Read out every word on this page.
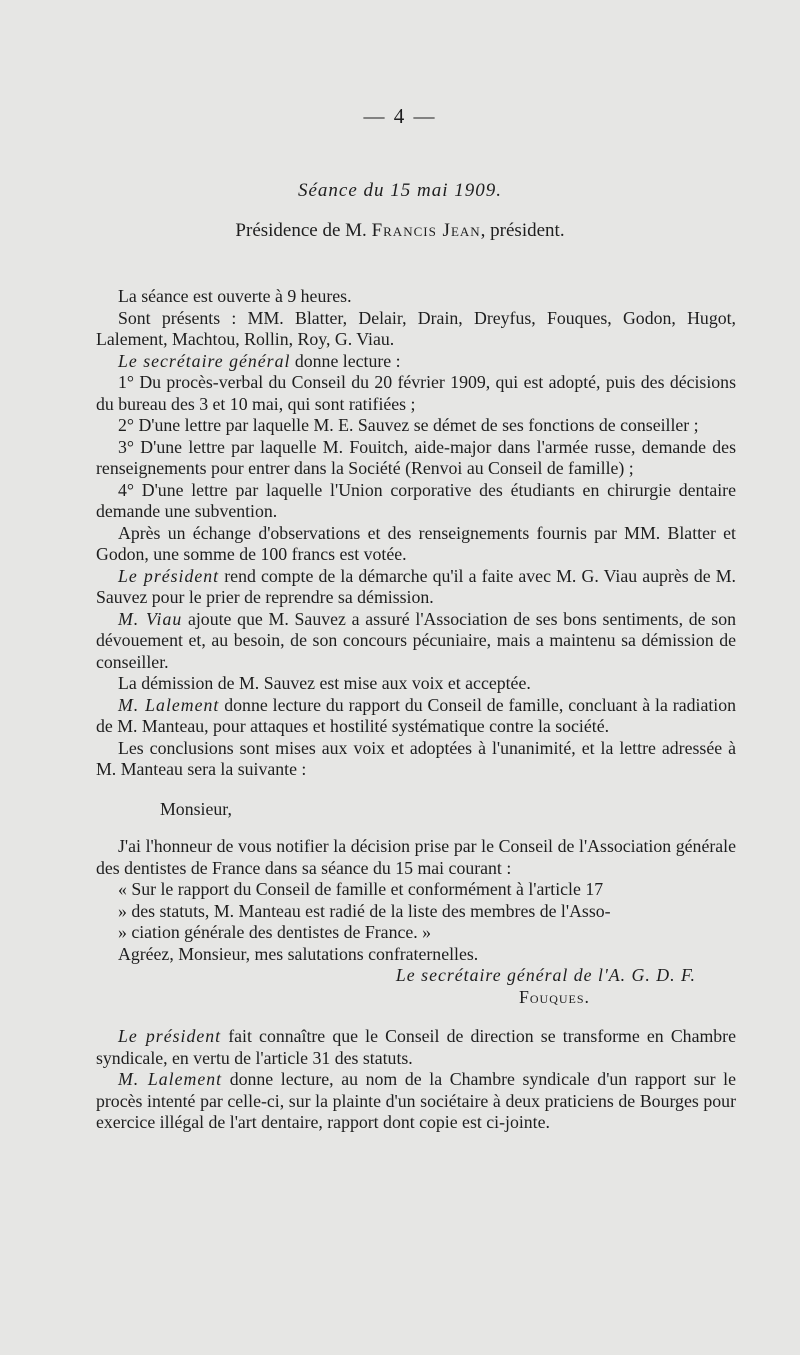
— 4 —
Séance du 15 mai 1909.
Présidence de M. Francis Jean, président.

La séance est ouverte à 9 heures.

Sont présents : MM. Blatter, Delair, Drain, Dreyfus, Fouques, Godon, Hugot, Lalement, Machtou, Rollin, Roy, G. Viau.

Le secrétaire général donne lecture :

1° Du procès-verbal du Conseil du 20 février 1909, qui est adopté, puis des décisions du bureau des 3 et 10 mai, qui sont ratifiées ;

2° D'une lettre par laquelle M. E. Sauvez se démet de ses fonctions de conseiller ;

3° D'une lettre par laquelle M. Fouitch, aide-major dans l'armée russe, demande des renseignements pour entrer dans la Société (Renvoi au Conseil de famille) ;

4° D'une lettre par laquelle l'Union corporative des étudiants en chirurgie dentaire demande une subvention.

Après un échange d'observations et des renseignements fournis par MM. Blatter et Godon, une somme de 100 francs est votée.

Le président rend compte de la démarche qu'il a faite avec M. G. Viau auprès de M. Sauvez pour le prier de reprendre sa démission.

M. Viau ajoute que M. Sauvez a assuré l'Association de ses bons sentiments, de son dévouement et, au besoin, de son concours pécuniaire, mais a maintenu sa démission de conseiller.

La démission de M. Sauvez est mise aux voix et acceptée.

M. Lalement donne lecture du rapport du Conseil de famille, concluant à la radiation de M. Manteau, pour attaques et hostilité systématique contre la société.

Les conclusions sont mises aux voix et adoptées à l'unanimité, et la lettre adressée à M. Manteau sera la suivante :

Monsieur,

J'ai l'honneur de vous notifier la décision prise par le Conseil de l'Association générale des dentistes de France dans sa séance du 15 mai courant :

« Sur le rapport du Conseil de famille et conformément à l'article 17

» des statuts, M. Manteau est radié de la liste des membres de l'Asso-

» ciation générale des dentistes de France. »

Agréez, Monsieur, mes salutations confraternelles.

Le secrétaire général de l'A. G. D. F.

Fouques.

Le président fait connaître que le Conseil de direction se transforme en Chambre syndicale, en vertu de l'article 31 des statuts.

M. Lalement donne lecture, au nom de la Chambre syndicale d'un rapport sur le procès intenté par celle-ci, sur la plainte d'un sociétaire à deux praticiens de Bourges pour exercice illégal de l'art dentaire, rapport dont copie est ci-jointe.
